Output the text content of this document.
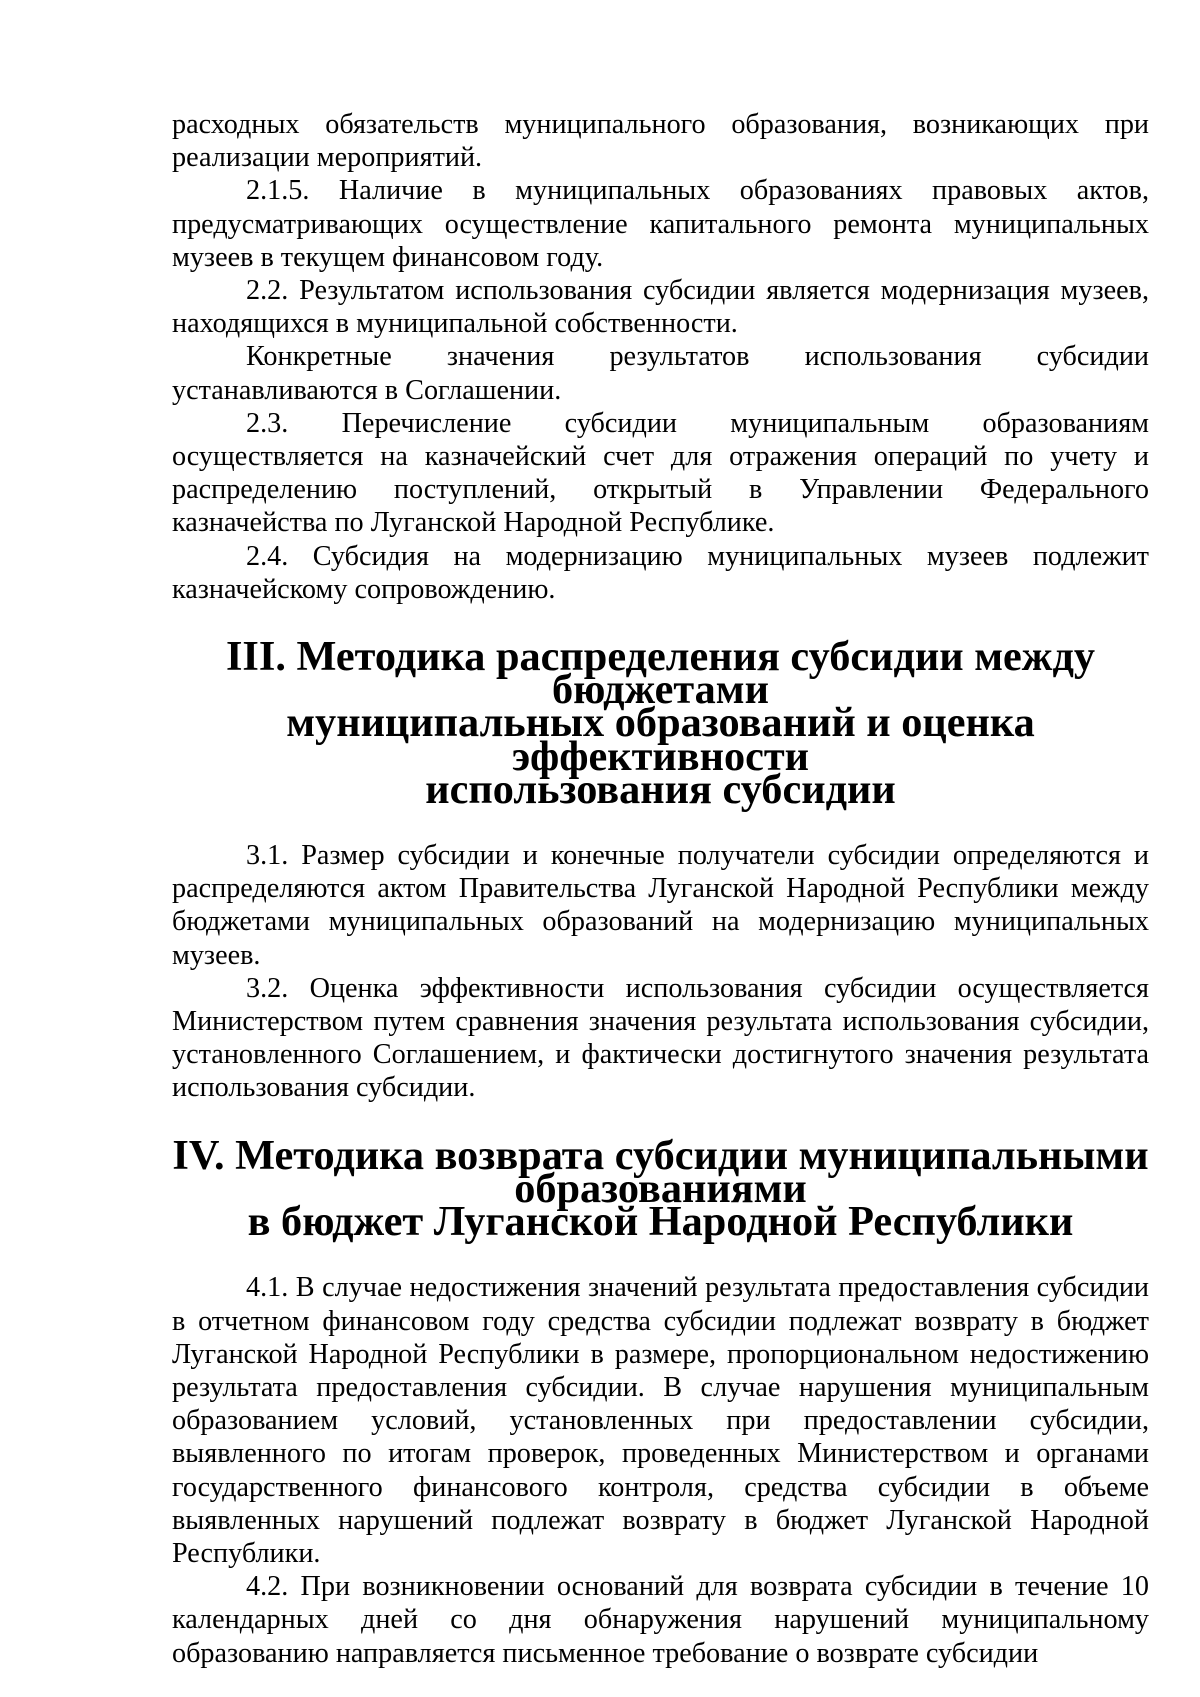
расходных обязательств муниципального образования, возникающих при реализации мероприятий.

2.1.5. Наличие в муниципальных образованиях правовых актов, предусматривающих осуществление капитального ремонта муниципальных музеев в текущем финансовом году.

2.2. Результатом использования субсидии является модернизация музеев, находящихся в муниципальной собственности.

Конкретные значения результатов использования субсидии устанавливаются в Соглашении.

2.3. Перечисление субсидии муниципальным образованиям осуществляется на казначейский счет для отражения операций по учету и распределению поступлений, открытый в Управлении Федерального казначейства по Луганской Народной Республике.

2.4. Субсидия на модернизацию муниципальных музеев подлежит казначейскому сопровождению.

III. Методика распределения субсидии между бюджетами
муниципальных образований и оценка эффективности
использования субсидии

3.1. Размер субсидии и конечные получатели субсидии определяются и распределяются актом Правительства Луганской Народной Республики между бюджетами муниципальных образований на модернизацию муниципальных музеев.

3.2. Оценка эффективности использования субсидии осуществляется Министерством путем сравнения значения результата использования субсидии, установленного Соглашением, и фактически достигнутого значения результата использования субсидии.

IV. Методика возврата субсидии муниципальными образованиями
в бюджет Луганской Народной Республики

4.1. В случае недостижения значений результата предоставления субсидии в отчетном финансовом году средства субсидии подлежат возврату в бюджет Луганской Народной Республики в размере, пропорциональном недостижению результата предоставления субсидии. В случае нарушения муниципальным образованием условий, установленных при предоставлении субсидии, выявленного по итогам проверок, проведенных Министерством и органами государственного финансового контроля, средства субсидии в объеме выявленных нарушений подлежат возврату в бюджет Луганской Народной Республики.

4.2. При возникновении оснований для возврата субсидии в течение 10 календарных дней со дня обнаружения нарушений муниципальному образованию направляется письменное требование о возврате субсидии
